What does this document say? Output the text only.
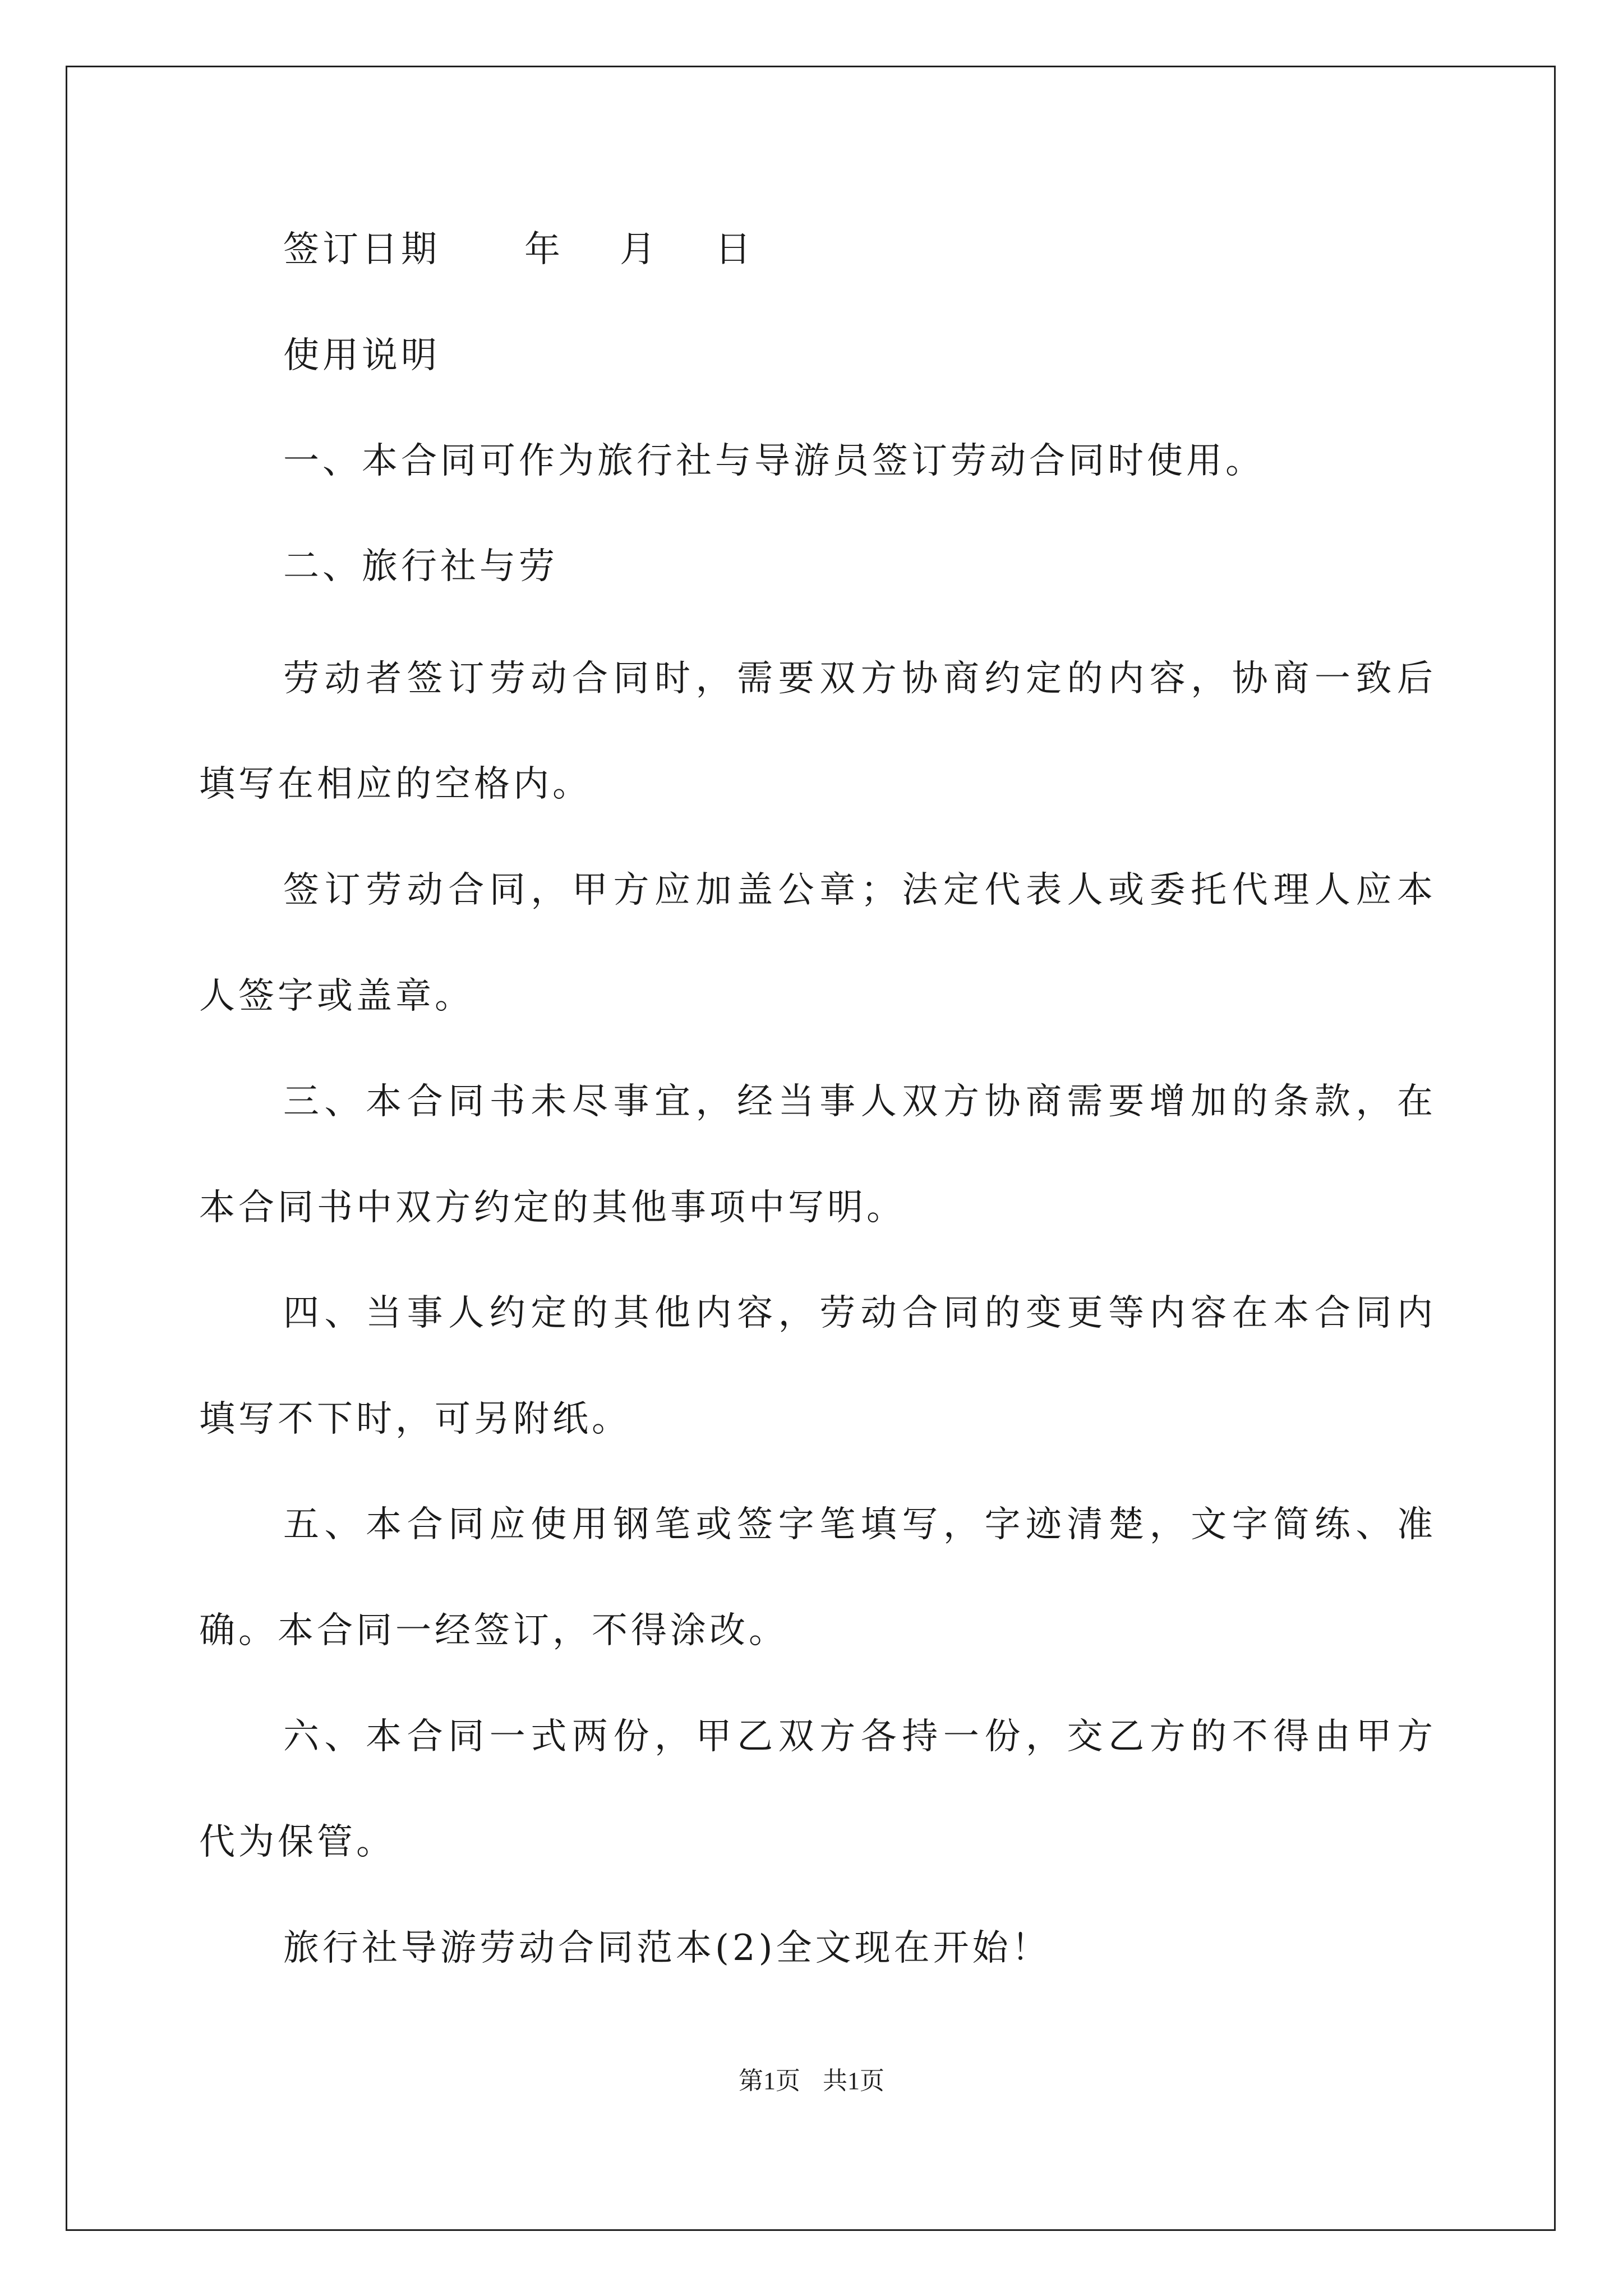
签订日期 年 月 日
使用说明
一、本合同可作为旅行社与导游员签订劳动合同时使用。
二、旅行社与劳
劳动者签订劳动合同时，需要双方协商约定的内容，协商一致后
填写在相应的空格内。
签订劳动合同，甲方应加盖公章；法定代表人或委托代理人应本
人签字或盖章。
三、本合同书未尽事宜，经当事人双方协商需要增加的条款，在
本合同书中双方约定的其他事项中写明。
四、当事人约定的其他内容，劳动合同的变更等内容在本合同内
填写不下时，可另附纸。
五、本合同应使用钢笔或签字笔填写，字迹清楚，文字简练、准
确。本合同一经签订，不得涂改。
六、本合同一式两份，甲乙双方各持一份，交乙方的不得由甲方
代为保管。
旅行社导游劳动合同范本(2)全文现在开始！
第1页 共1页
